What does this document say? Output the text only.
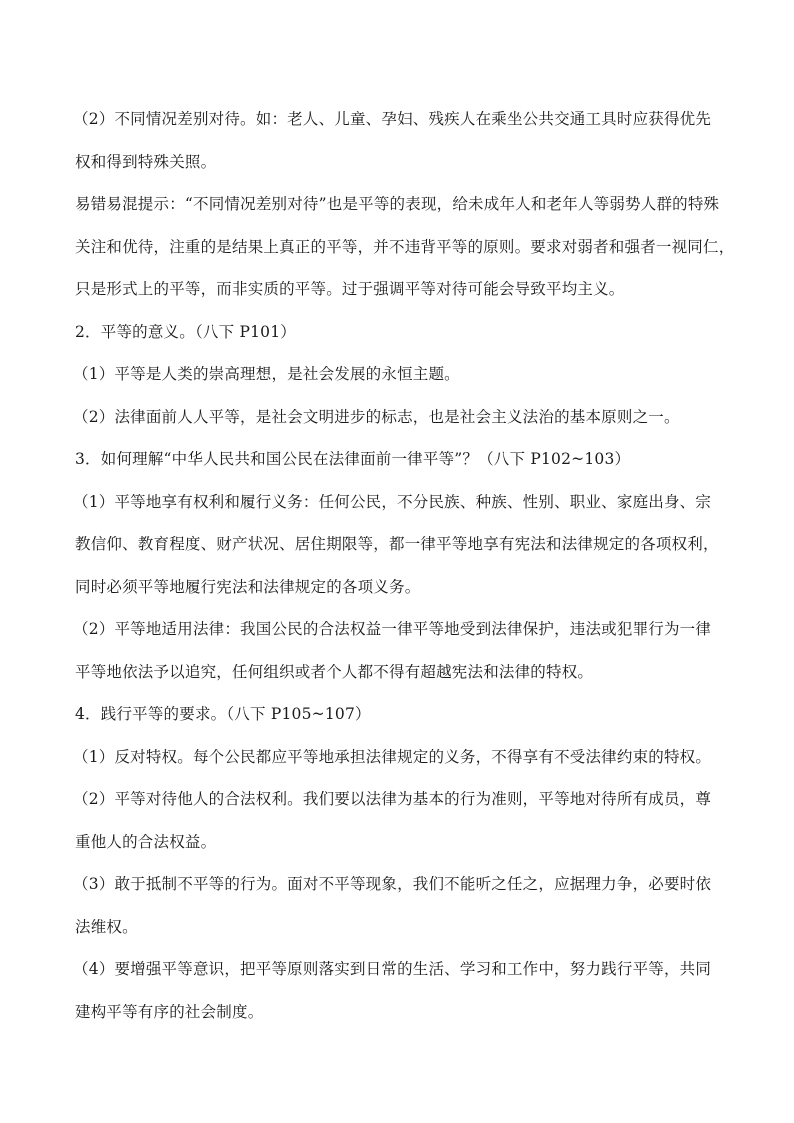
（2）不同情况差别对待。如：老人、儿童、孕妇、残疾人在乘坐公共交通工具时应获得优先
权和得到特殊关照。
易错易混提示：“不同情况差别对待”也是平等的表现，给未成年人和老年人等弱势人群的特殊
关注和优待，注重的是结果上真正的平等，并不违背平等的原则。要求对弱者和强者一视同仁，
只是形式上的平等，而非实质的平等。过于强调平等对待可能会导致平均主义。
2．平等的意义。（八下 P101）
（1）平等是人类的崇高理想，是社会发展的永恒主题。
（2）法律面前人人平等，是社会文明进步的标志，也是社会主义法治的基本原则之一。
3．如何理解“中华人民共和国公民在法律面前一律平等”？（八下 P102~103）
（1）平等地享有权利和履行义务：任何公民，不分民族、种族、性别、职业、家庭出身、宗
教信仰、教育程度、财产状况、居住期限等，都一律平等地享有宪法和法律规定的各项权利，
同时必须平等地履行宪法和法律规定的各项义务。
（2）平等地适用法律：我国公民的合法权益一律平等地受到法律保护，违法或犯罪行为一律
平等地依法予以追究，任何组织或者个人都不得有超越宪法和法律的特权。
4．践行平等的要求。（八下 P105~107）
（1）反对特权。每个公民都应平等地承担法律规定的义务，不得享有不受法律约束的特权。
（2）平等对待他人的合法权利。我们要以法律为基本的行为准则，平等地对待所有成员，尊
重他人的合法权益。
（3）敢于抵制不平等的行为。面对不平等现象，我们不能听之任之，应据理力争，必要时依
法维权。
（4）要增强平等意识，把平等原则落实到日常的生活、学习和工作中，努力践行平等，共同
建构平等有序的社会制度。
